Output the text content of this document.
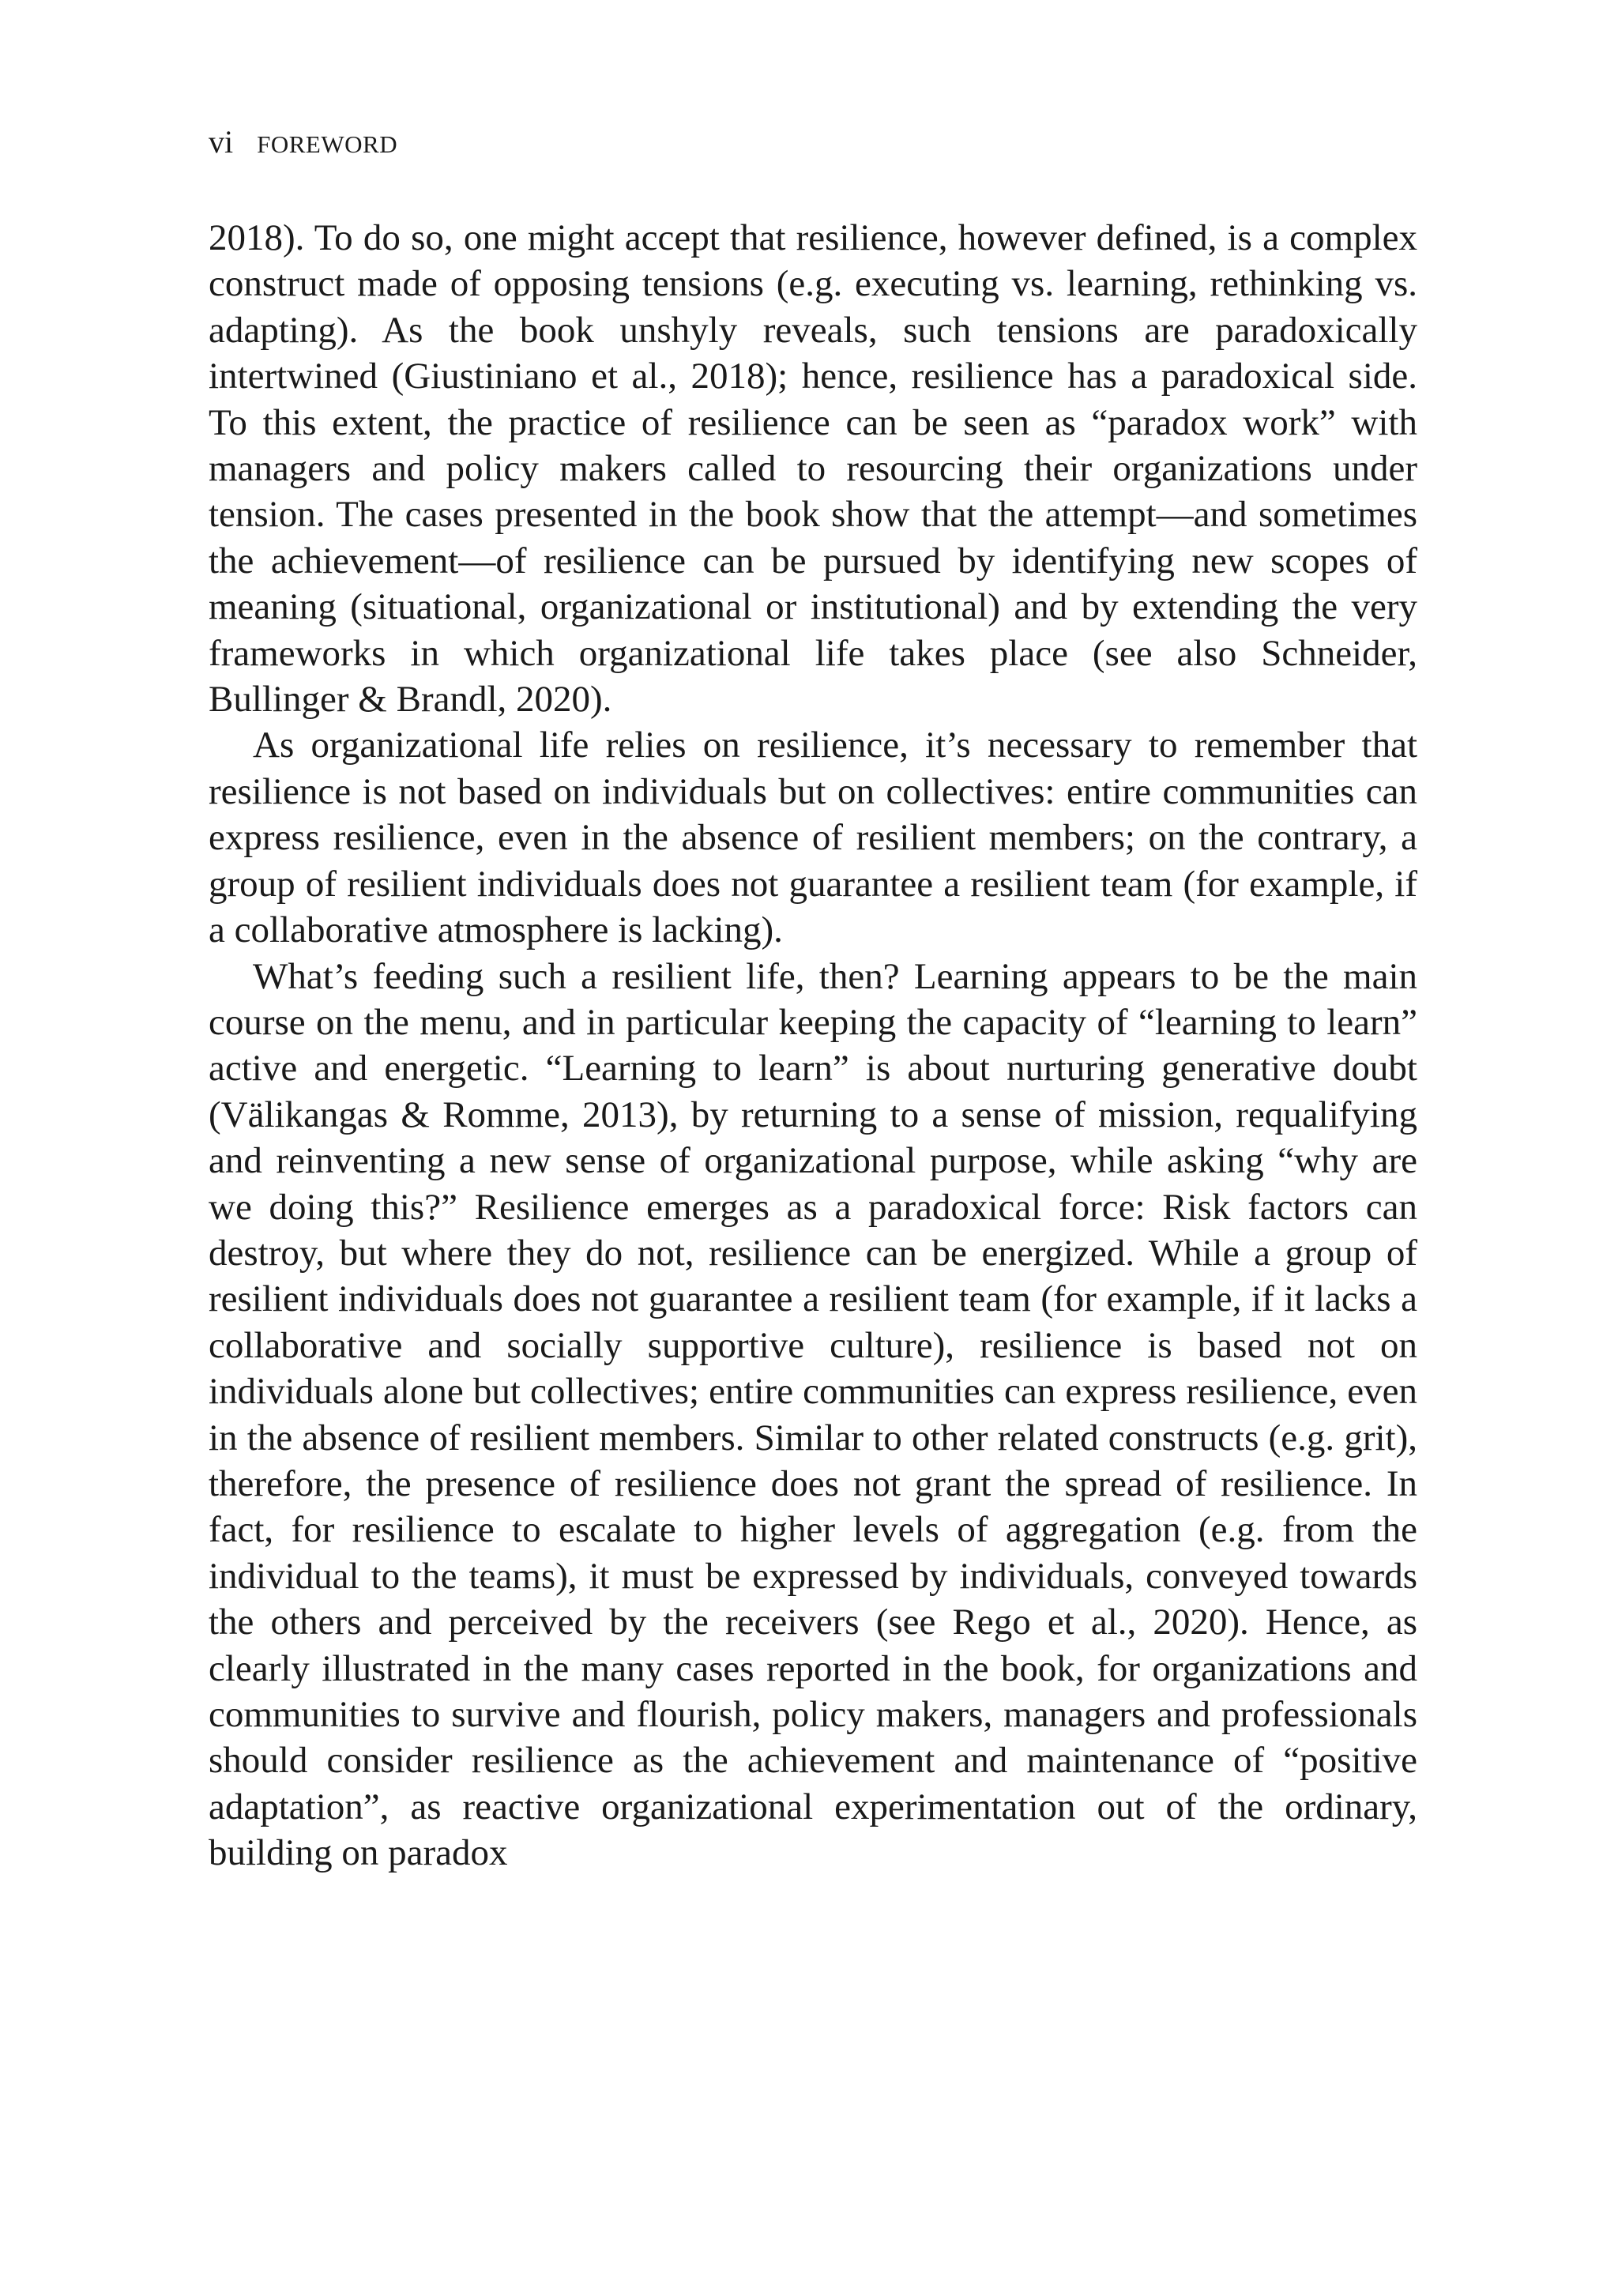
vi FOREWORD

2018). To do so, one might accept that resilience, however defined, is a complex construct made of opposing tensions (e.g. executing vs. learning, rethinking vs. adapting). As the book unshyly reveals, such tensions are paradoxically intertwined (Giustiniano et al., 2018); hence, resilience has a paradoxical side. To this extent, the practice of resilience can be seen as “paradox work” with managers and policy makers called to resourcing their organizations under tension. The cases presented in the book show that the attempt—and sometimes the achievement—of resilience can be pursued by identifying new scopes of meaning (situational, organizational or institutional) and by extending the very frameworks in which organizational life takes place (see also Schneider, Bullinger & Brandl, 2020).

As organizational life relies on resilience, it’s necessary to remember that resilience is not based on individuals but on collectives: entire communities can express resilience, even in the absence of resilient members; on the contrary, a group of resilient individuals does not guarantee a resilient team (for example, if a collaborative atmosphere is lacking).

What’s feeding such a resilient life, then? Learning appears to be the main course on the menu, and in particular keeping the capacity of “learning to learn” active and energetic. “Learning to learn” is about nurturing generative doubt (Välikangas & Romme, 2013), by returning to a sense of mission, requalifying and reinventing a new sense of organizational purpose, while asking “why are we doing this?” Resilience emerges as a paradoxical force: Risk factors can destroy, but where they do not, resilience can be energized. While a group of resilient individuals does not guarantee a resilient team (for example, if it lacks a collaborative and socially supportive culture), resilience is based not on individuals alone but collectives; entire communities can express resilience, even in the absence of resilient members. Similar to other related constructs (e.g. grit), therefore, the presence of resilience does not grant the spread of resilience. In fact, for resilience to escalate to higher levels of aggregation (e.g. from the individual to the teams), it must be expressed by individuals, conveyed towards the others and perceived by the receivers (see Rego et al., 2020). Hence, as clearly illustrated in the many cases reported in the book, for organizations and communities to survive and flourish, policy makers, managers and professionals should consider resilience as the achievement and maintenance of “positive adaptation”, as reactive organizational experimentation out of the ordinary, building on paradox
